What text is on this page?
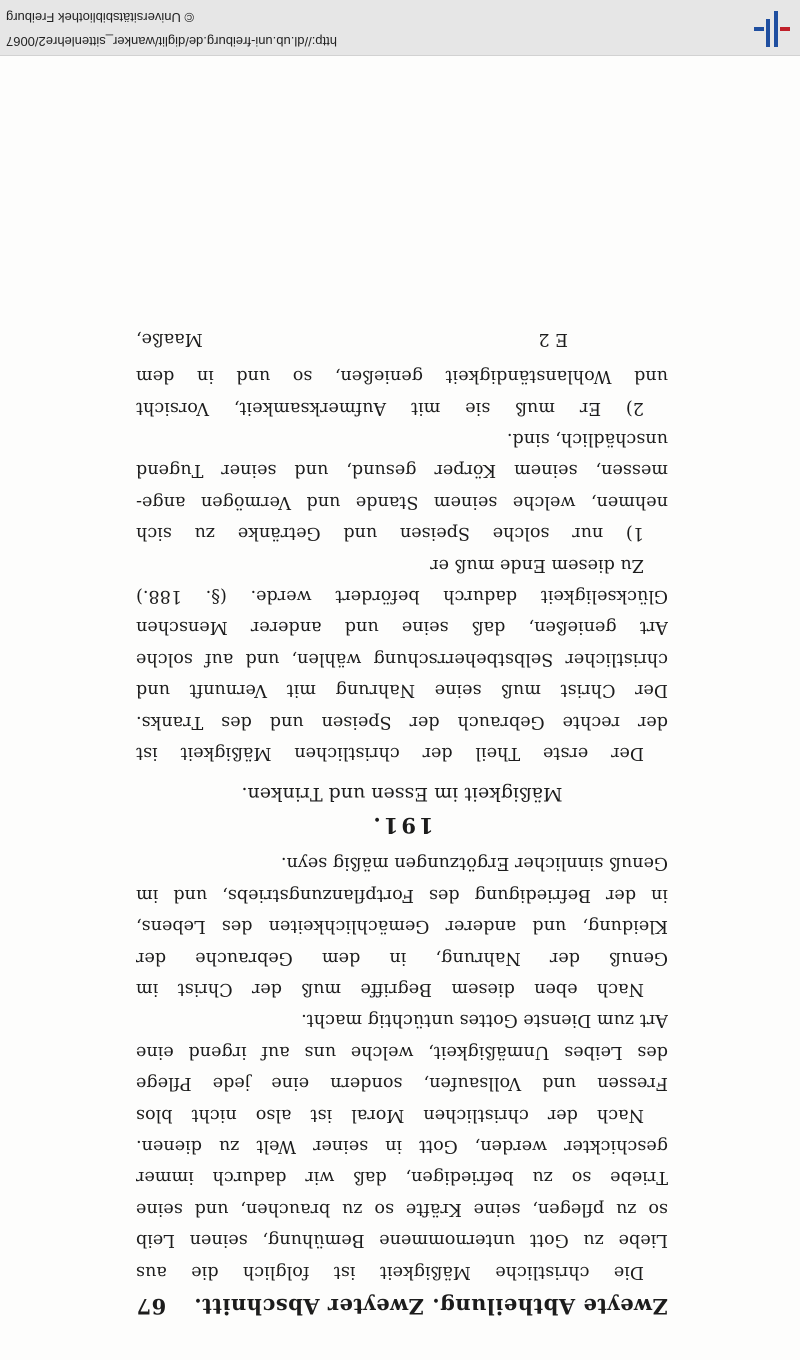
Zweyte Abtheilung. Zweyter Abschnitt.
67
Die christliche Mäßigkeit ist folglich die aus
Liebe zu Gott unternommene Bemühung, seinen Leib
so zu pflegen, seine Kräfte so zu brauchen, und seine
Triebe so zu befriedigen, daß wir dadurch immer
geschickter werden, Gott in seiner Welt zu dienen.
Nach der christlichen Moral ist also nicht blos
Fressen und Vollsaufen, sondern eine jede Pflege
des Leibes Unmäßigkeit, welche uns auf irgend eine
Art zum Dienste Gottes untüchtig macht.
Nach eben diesem Begriffe muß der Christ im
Genuß der Nahrung, in dem Gebrauche der
Kleidung, und anderer Gemächlichkeiten des Lebens,
in der Befriedigung des Fortpflanzungstriebs, und im
Genuß sinnlicher Ergötzungen mäßig seyn.
191.
Mäßigkeit im Essen und Trinken.
Der erste Theil der christlichen Mäßigkeit ist
der rechte Gebrauch der Speisen und des Tranks.
Der Christ muß seine Nahrung mit Vernunft und
christlicher Selbstbeherrschung wählen, und auf solche
Art genießen, daß seine und anderer Menschen
Glückseligkeit dadurch befördert werde. (§. 188.)
Zu diesem Ende muß er
1) nur solche Speisen und Getränke zu sich
nehmen, welche seinem Stande und Vermögen ange-
messen, seinem Körper gesund, und seiner Tugend
unschädlich, sind.
2) Er muß sie mit Aufmerksamkeit, Vorsicht
und Wohlanständigkeit genießen, so und in dem
E 2
Maaße,
http://dl.ub.uni-freiburg.de/diglit/wanker_sittenlehre2/0067
© Universitätsbibliothek Freiburg
